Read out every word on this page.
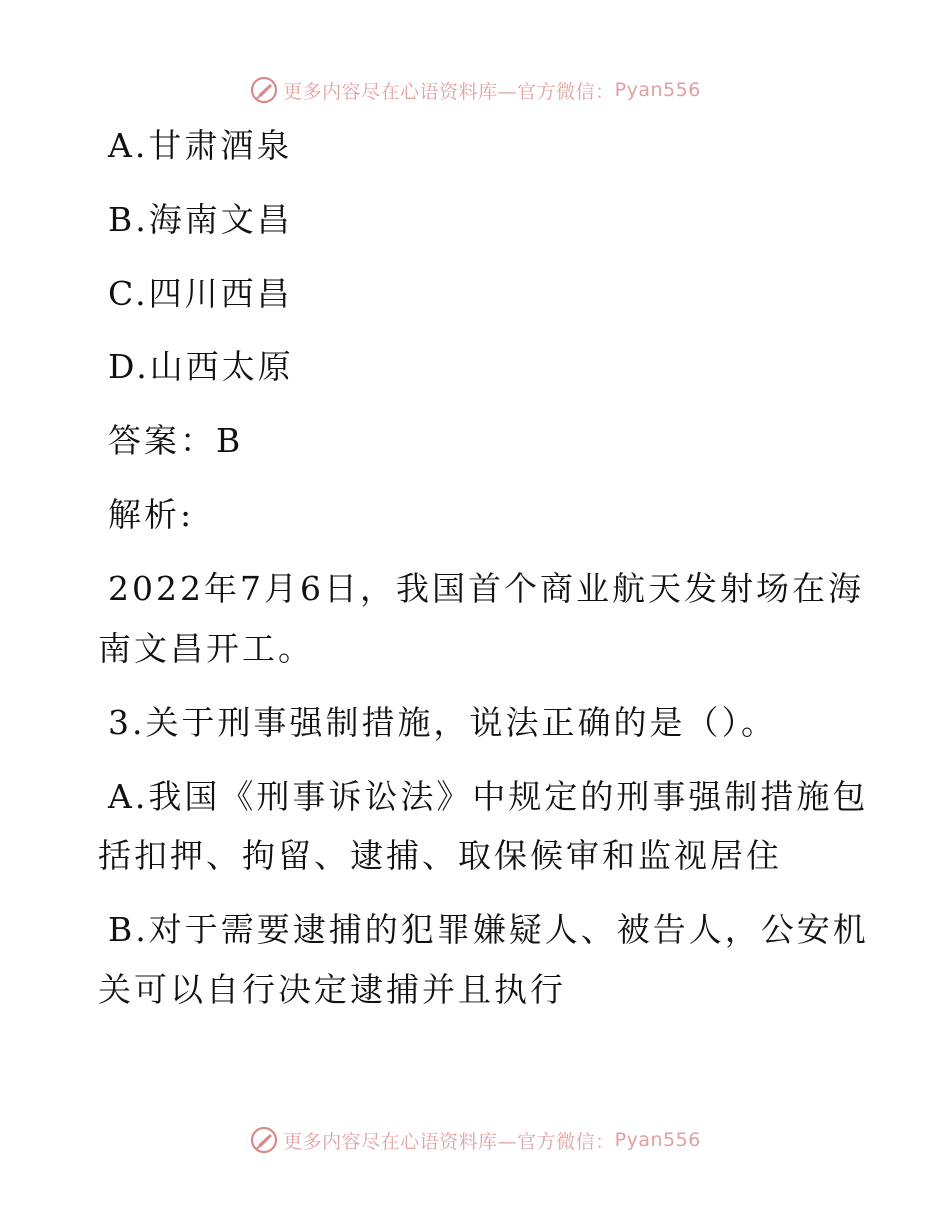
更多内容尽在心语资料库—官方微信： Pyan556
A.甘肃酒泉
B.海南文昌
C.四川西昌
D.山西太原
答案：B
解析:
2022年7月6日，我国首个商业航天发射场在海
南文昌开工。
3.关于刑事强制措施，说法正确的是（）。
A.我国《刑事诉讼法》中规定的刑事强制措施包
括扣押、拘留、逮捕、取保候审和监视居住
B.对于需要逮捕的犯罪嫌疑人、被告人，公安机
关可以自行决定逮捕并且执行
更多内容尽在心语资料库—官方微信： Pyan556
